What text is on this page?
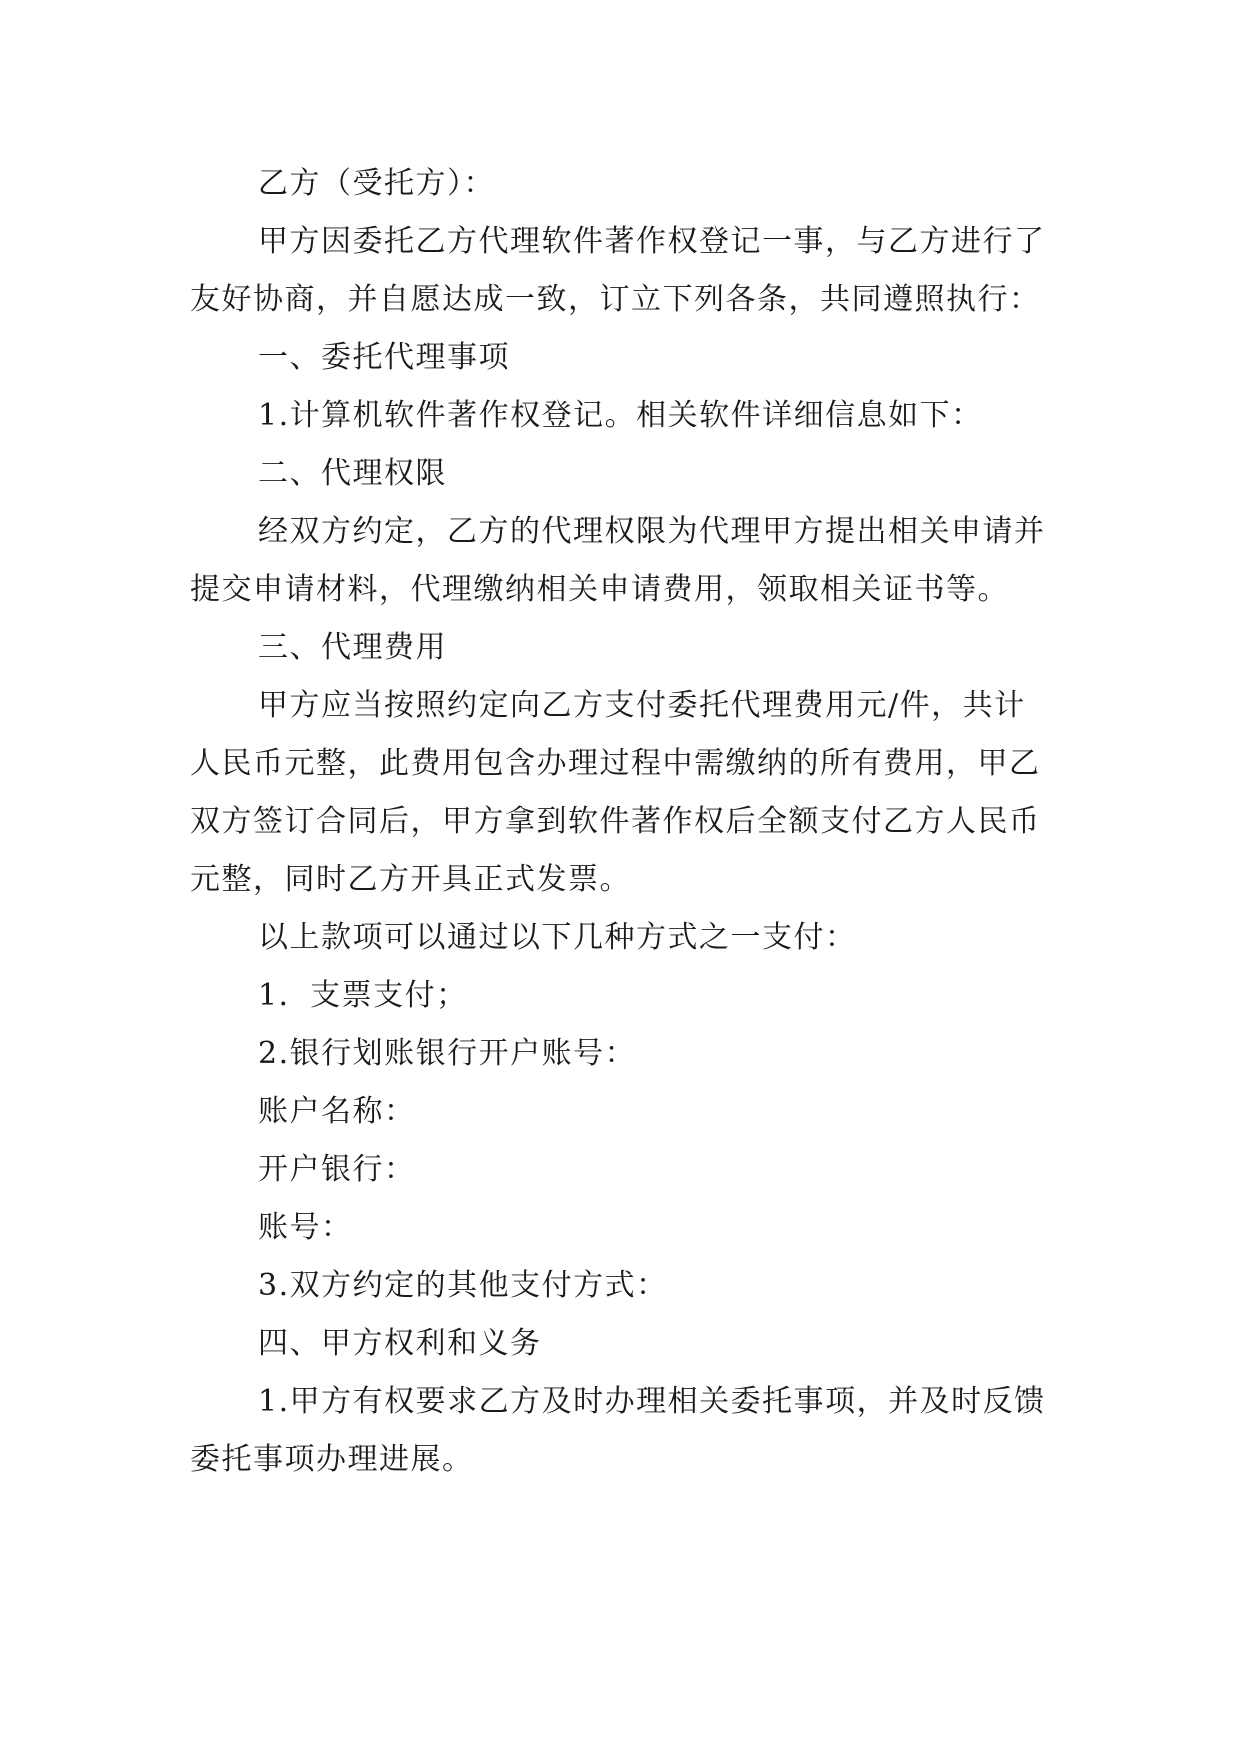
乙方（受托方）：

甲方因委托乙方代理软件著作权登记一事，与乙方进行了友好协商，并自愿达成一致，订立下列各条，共同遵照执行：

一、委托代理事项

1.计算机软件著作权登记。相关软件详细信息如下：

二、代理权限

经双方约定，乙方的代理权限为代理甲方提出相关申请并提交申请材料，代理缴纳相关申请费用，领取相关证书等。

三、代理费用

甲方应当按照约定向乙方支付委托代理费用元/件，共计人民币元整，此费用包含办理过程中需缴纳的所有费用，甲乙双方签订合同后，甲方拿到软件著作权后全额支付乙方人民币元整，同时乙方开具正式发票。

以上款项可以通过以下几种方式之一支付：

1．支票支付；

2.银行划账银行开户账号：

账户名称：

开户银行：

账号：

3.双方约定的其他支付方式：

四、甲方权利和义务

1.甲方有权要求乙方及时办理相关委托事项，并及时反馈委托事项办理进展。
